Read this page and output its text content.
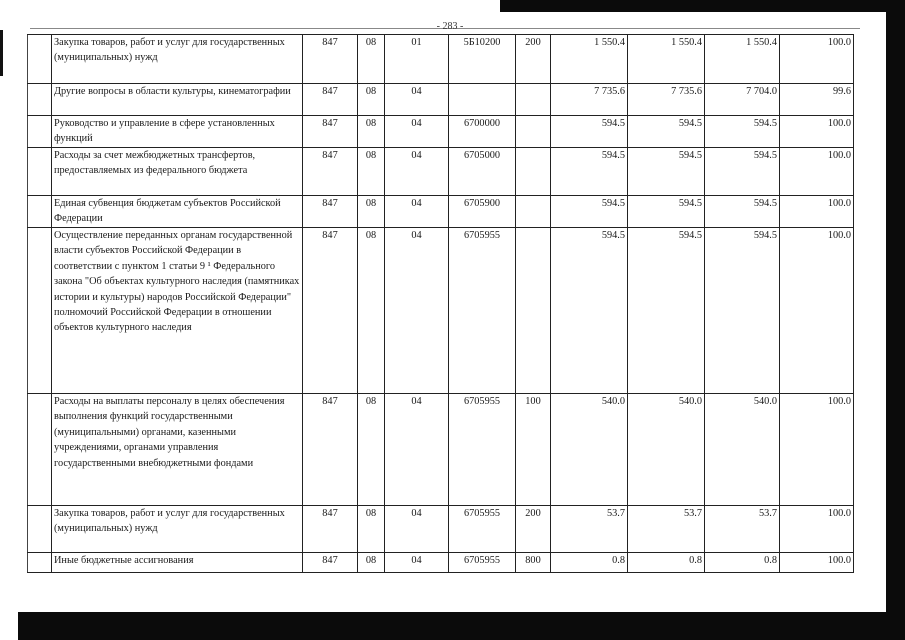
- 283 -
	Закупка товаров, работ и услуг для государственных (муниципальных) нужд	847	08	01	5Б10200	200	1 550.4	1 550.4	1 550.4	100.0
	Другие вопросы в области культуры, кинематографии	847	08	04			7 735.6	7 735.6	7 704.0	99.6
	Руководство и управление в сфере установленных функций	847	08	04	6700000		594.5	594.5	594.5	100.0
	Расходы за счет межбюджетных трансфертов, предоставляемых из федерального бюджета	847	08	04	6705000		594.5	594.5	594.5	100.0
	Единая субвенция бюджетам субъектов Российской Федерации	847	08	04	6705900		594.5	594.5	594.5	100.0
	Осуществление переданных органам государственной власти субъектов Российской Федерации в соответствии с пунктом 1 статьи 9 ¹ Федерального закона "Об объектах культурного наследия (памятниках истории и культуры) народов Российской Федерации" полномочий Российской Федерации в отношении объектов культурного наследия	847	08	04	6705955		594.5	594.5	594.5	100.0
	Расходы на выплаты персоналу в целях обеспечения выполнения функций государственными (муниципальными) органами, казенными учреждениями, органами управления государственными внебюджетными фондами	847	08	04	6705955	100	540.0	540.0	540.0	100.0
	Закупка товаров, работ и услуг для государственных (муниципальных) нужд	847	08	04	6705955	200	53.7	53.7	53.7	100.0
	Иные бюджетные ассигнования	847	08	04	6705955	800	0.8	0.8	0.8	100.0
